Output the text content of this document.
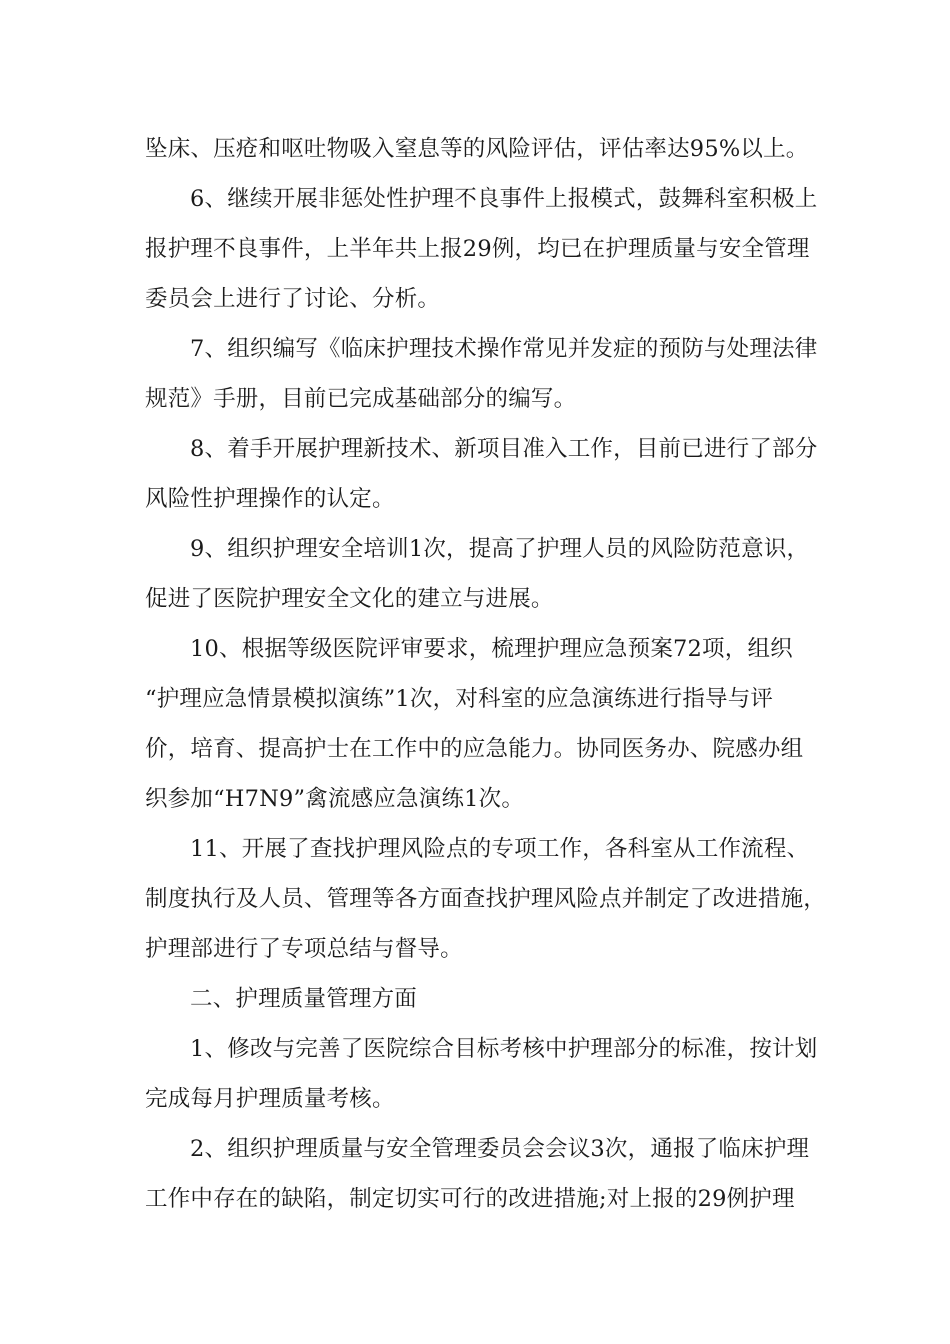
坠床、压疮和呕吐物吸入窒息等的风险评估，评估率达95%以上。
6、继续开展非惩处性护理不良事件上报模式，鼓舞科室积极上
报护理不良事件，上半年共上报29例，均已在护理质量与安全管理
委员会上进行了讨论、分析。
7、组织编写《临床护理技术操作常见并发症的预防与处理法律
规范》手册，目前已完成基础部分的编写。
8、着手开展护理新技术、新项目准入工作，目前已进行了部分
风险性护理操作的认定。
9、组织护理安全培训1次，提高了护理人员的风险防范意识，
促进了医院护理安全文化的建立与进展。
10、根据等级医院评审要求，梳理护理应急预案72项，组织
“护理应急情景模拟演练”1次，对科室的应急演练进行指导与评
价，培育、提高护士在工作中的应急能力。协同医务办、院感办组
织参加“H7N9”禽流感应急演练1次。
11、开展了查找护理风险点的专项工作，各科室从工作流程、
制度执行及人员、管理等各方面查找护理风险点并制定了改进措施，
护理部进行了专项总结与督导。
二、护理质量管理方面
1、修改与完善了医院综合目标考核中护理部分的标准，按计划
完成每月护理质量考核。
2、组织护理质量与安全管理委员会会议3次，通报了临床护理
工作中存在的缺陷，制定切实可行的改进措施;对上报的29例护理
